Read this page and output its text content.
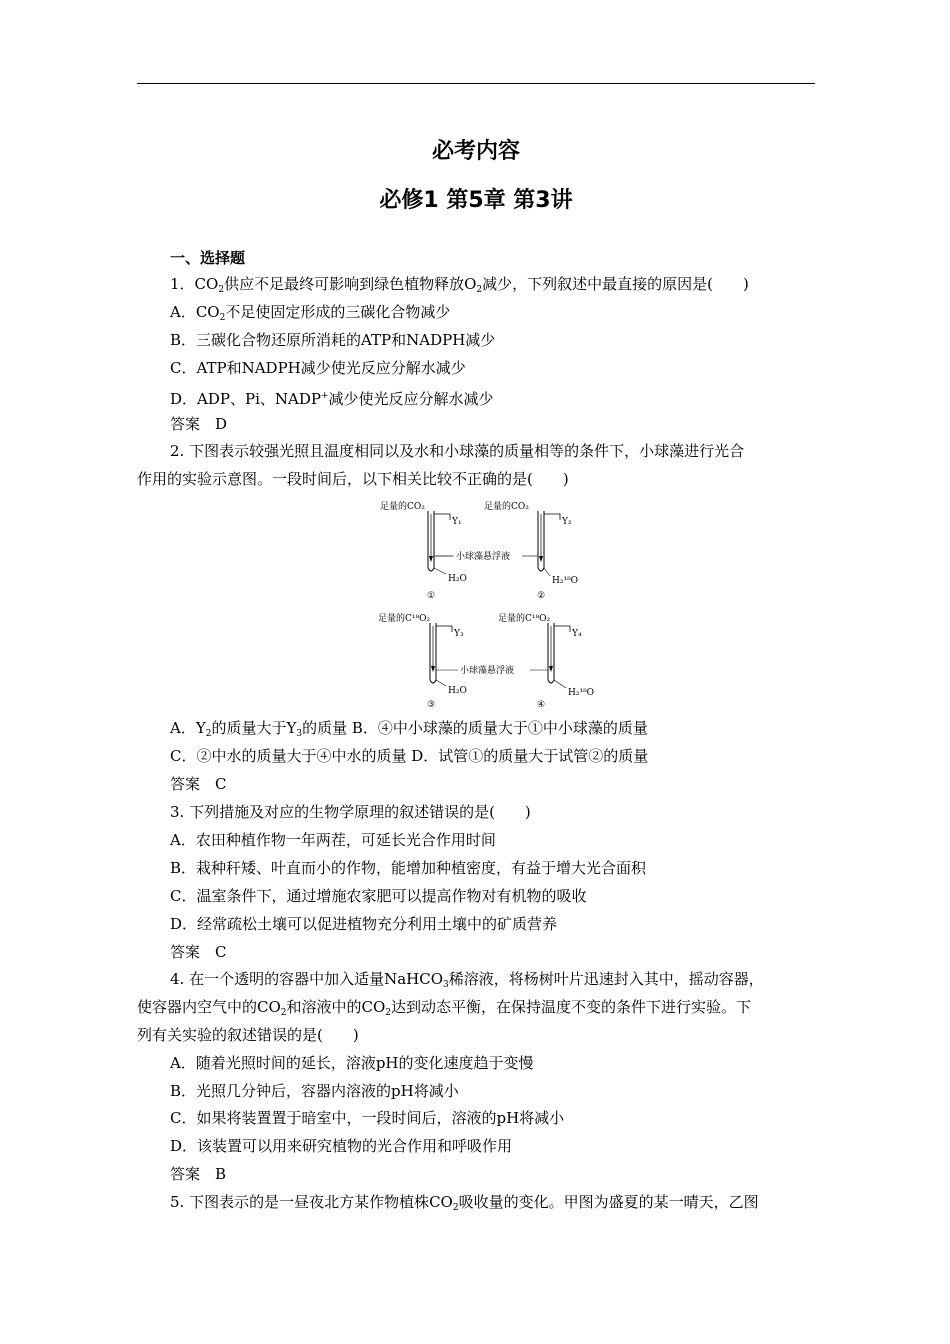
必考内容
必修1 第5章 第3讲
一、选择题
1．$CO_2$供应不足最终可影响到绿色植物释放$O_2$减少，下列叙述中最直接的原因是( )
A．$CO_2$不足使固定形成的三碳化合物减少
B．三碳化合物还原所消耗的ATP和NADPH减少
C．ATP和NADPH减少使光反应分解水减少
D．ADP、Pi、NADP+减少使光反应分解水减少
答案　D
2. 下图表示较强光照且温度相同以及水和小球藻的质量相等的条件下，小球藻进行光合
作用的实验示意图。一段时间后，以下相关比较不正确的是(　　)
足量的CO₂
Y₁
H₂O
①
足量的CO₂
Y₂
H₂¹⁸O
②
小球藻悬浮液
足量的C¹⁸O₂
Y₃
H₂O
③
足量的C¹⁸O₂
Y₄
H₂¹⁸O
④
小球藻悬浮液
A．$Y_2$的质量大于$Y_3$的质量 B．④中小球藻的质量大于①中小球藻的质量
C．②中水的质量大于④中水的质量 D．试管①的质量大于试管②的质量
答案　C
3. 下列措施及对应的生物学原理的叙述错误的是(　　)
A．农田种植作物一年两茬，可延长光合作用时间
B．栽种秆矮、叶直而小的作物，能增加种植密度，有益于增大光合面积
C．温室条件下，通过增施农家肥可以提高作物对有机物的吸收
D．经常疏松土壤可以促进植物充分利用土壤中的矿质营养
答案　C
4. 在一个透明的容器中加入适量NaHCO$_3$稀溶液，将杨树叶片迅速封入其中，摇动容器，
使容器内空气中的$CO_2$和溶液中的$CO_2$达到动态平衡，在保持温度不变的条件下进行实验。下
列有关实验的叙述错误的是(　　)
A．随着光照时间的延长，溶液pH的变化速度趋于变慢
B．光照几分钟后，容器内溶液的pH将减小
C．如果将装置置于暗室中，一段时间后，溶液的pH将减小
D．该装置可以用来研究植物的光合作用和呼吸作用
答案　B
5. 下图表示的是一昼夜北方某作物植株$CO_2$吸收量的变化。甲图为盛夏的某一晴天，乙图
